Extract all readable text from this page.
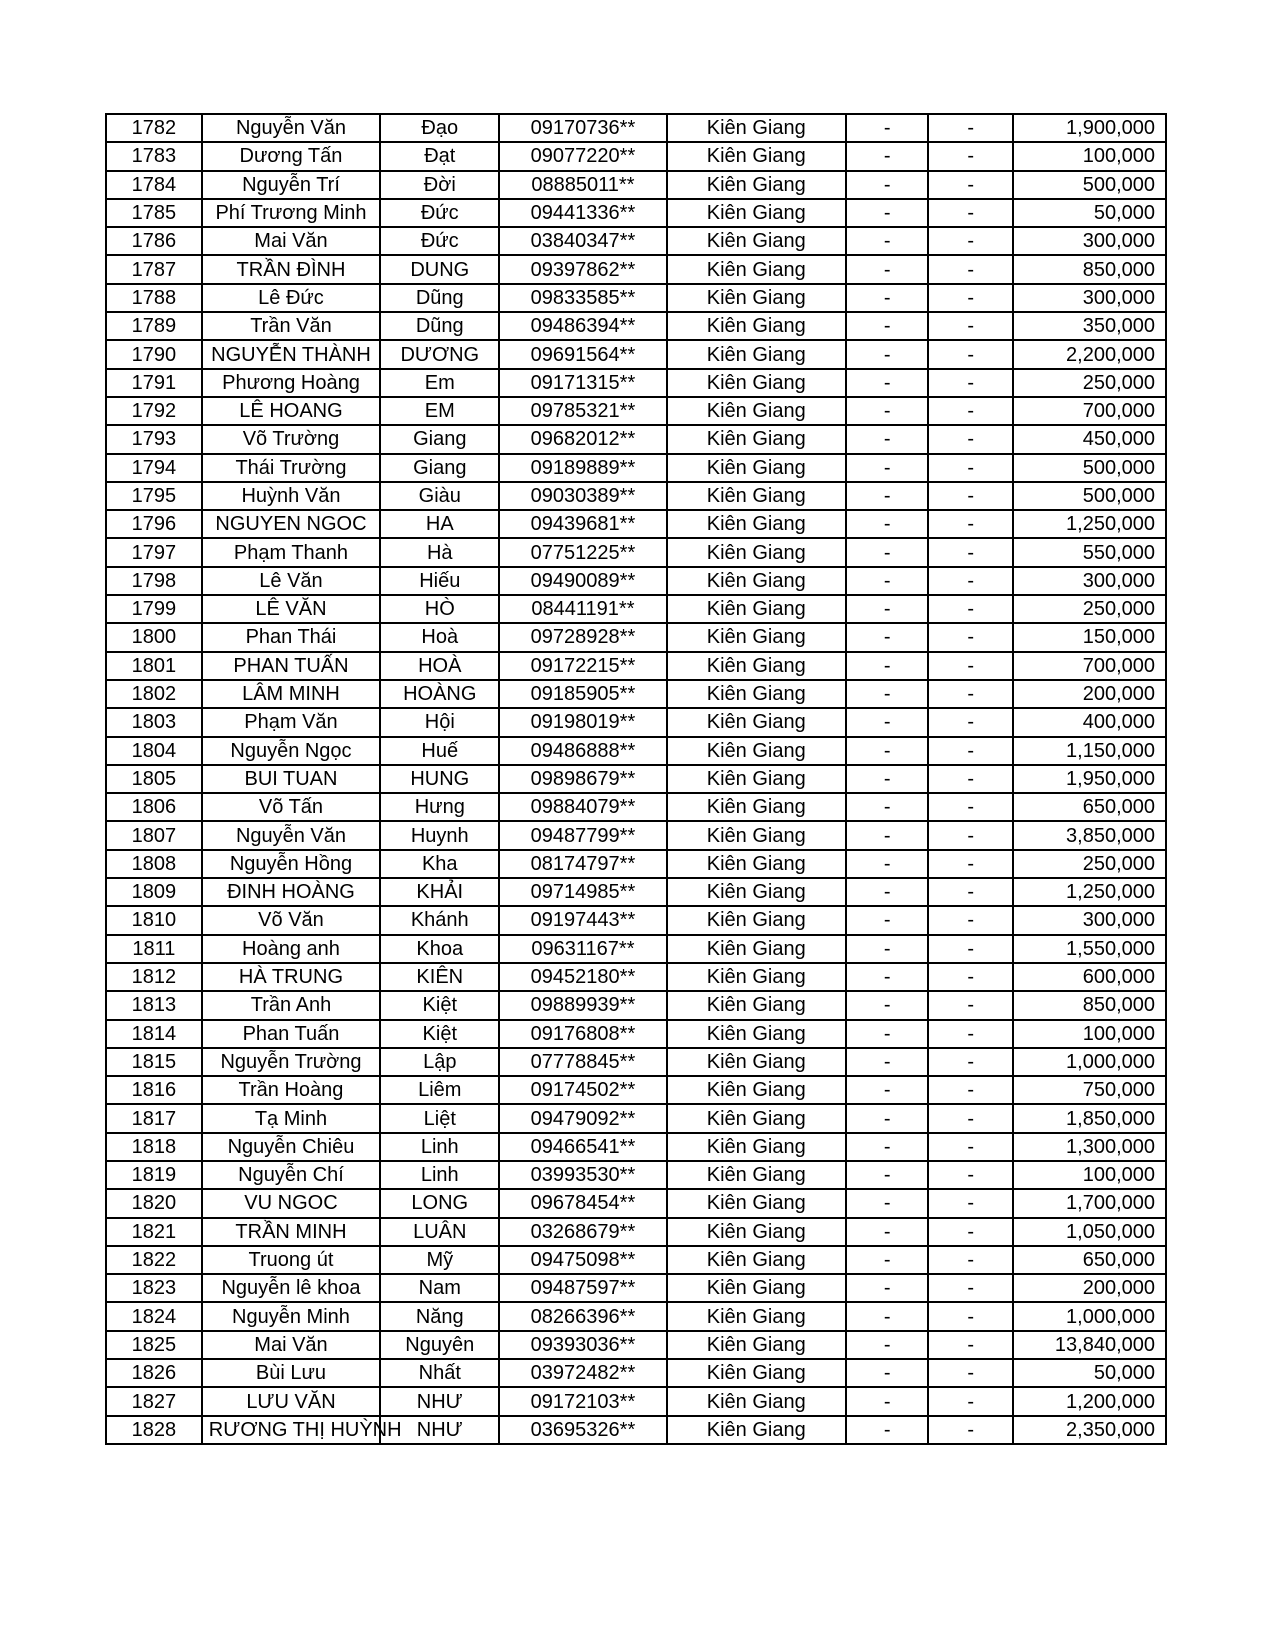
1782	Nguyễn Văn	Đạo	09170736**	Kiên Giang	-	-	1,900,000
1783	Dương Tấn	Đạt	09077220**	Kiên Giang	-	-	100,000
1784	Nguyễn Trí	Đời	08885011**	Kiên Giang	-	-	500,000
1785	Phí Trương Minh	Đức	09441336**	Kiên Giang	-	-	50,000
1786	Mai Văn	Đức	03840347**	Kiên Giang	-	-	300,000
1787	TRẦN ĐÌNH	DUNG	09397862**	Kiên Giang	-	-	850,000
1788	Lê Đức	Dũng	09833585**	Kiên Giang	-	-	300,000
1789	Trần Văn	Dũng	09486394**	Kiên Giang	-	-	350,000
1790	NGUYỄN THÀNH	DƯƠNG	09691564**	Kiên Giang	-	-	2,200,000
1791	Phương Hoàng	Em	09171315**	Kiên Giang	-	-	250,000
1792	LÊ HOANG	EM	09785321**	Kiên Giang	-	-	700,000
1793	Võ Trường	Giang	09682012**	Kiên Giang	-	-	450,000
1794	Thái Trường	Giang	09189889**	Kiên Giang	-	-	500,000
1795	Huỳnh Văn	Giàu	09030389**	Kiên Giang	-	-	500,000
1796	NGUYEN NGOC	HA	09439681**	Kiên Giang	-	-	1,250,000
1797	Phạm Thanh	Hà	07751225**	Kiên Giang	-	-	550,000
1798	Lê Văn	Hiếu	09490089**	Kiên Giang	-	-	300,000
1799	LÊ VĂN	HÒ	08441191**	Kiên Giang	-	-	250,000
1800	Phan Thái	Hoà	09728928**	Kiên Giang	-	-	150,000
1801	PHAN TUẤN	HOÀ	09172215**	Kiên Giang	-	-	700,000
1802	LÂM MINH	HOÀNG	09185905**	Kiên Giang	-	-	200,000
1803	Phạm Văn	Hội	09198019**	Kiên Giang	-	-	400,000
1804	Nguyễn Ngọc	Huế	09486888**	Kiên Giang	-	-	1,150,000
1805	BUI TUAN	HUNG	09898679**	Kiên Giang	-	-	1,950,000
1806	Võ Tấn	Hưng	09884079**	Kiên Giang	-	-	650,000
1807	Nguyễn Văn	Huynh	09487799**	Kiên Giang	-	-	3,850,000
1808	Nguyễn Hồng	Kha	08174797**	Kiên Giang	-	-	250,000
1809	ĐINH HOÀNG	KHẢI	09714985**	Kiên Giang	-	-	1,250,000
1810	Võ Văn	Khánh	09197443**	Kiên Giang	-	-	300,000
1811	Hoàng anh	Khoa	09631167**	Kiên Giang	-	-	1,550,000
1812	HÀ TRUNG	KIÊN	09452180**	Kiên Giang	-	-	600,000
1813	Trần Anh	Kiệt	09889939**	Kiên Giang	-	-	850,000
1814	Phan Tuấn	Kiệt	09176808**	Kiên Giang	-	-	100,000
1815	Nguyễn Trường	Lập	07778845**	Kiên Giang	-	-	1,000,000
1816	Trần Hoàng	Liêm	09174502**	Kiên Giang	-	-	750,000
1817	Tạ Minh	Liệt	09479092**	Kiên Giang	-	-	1,850,000
1818	Nguyễn Chiêu	Linh	09466541**	Kiên Giang	-	-	1,300,000
1819	Nguyễn Chí	Linh	03993530**	Kiên Giang	-	-	100,000
1820	VU NGOC	LONG	09678454**	Kiên Giang	-	-	1,700,000
1821	TRẦN MINH	LUÂN	03268679**	Kiên Giang	-	-	1,050,000
1822	Truong út	Mỹ	09475098**	Kiên Giang	-	-	650,000
1823	Nguyễn lê khoa	Nam	09487597**	Kiên Giang	-	-	200,000
1824	Nguyễn Minh	Năng	08266396**	Kiên Giang	-	-	1,000,000
1825	Mai Văn	Nguyên	09393036**	Kiên Giang	-	-	13,840,000
1826	Bùi Lưu	Nhất	03972482**	Kiên Giang	-	-	50,000
1827	LƯU VĂN	NHƯ	09172103**	Kiên Giang	-	-	1,200,000
1828	RƯƠNG THỊ HUỲNH	NHƯ	03695326**	Kiên Giang	-	-	2,350,000
